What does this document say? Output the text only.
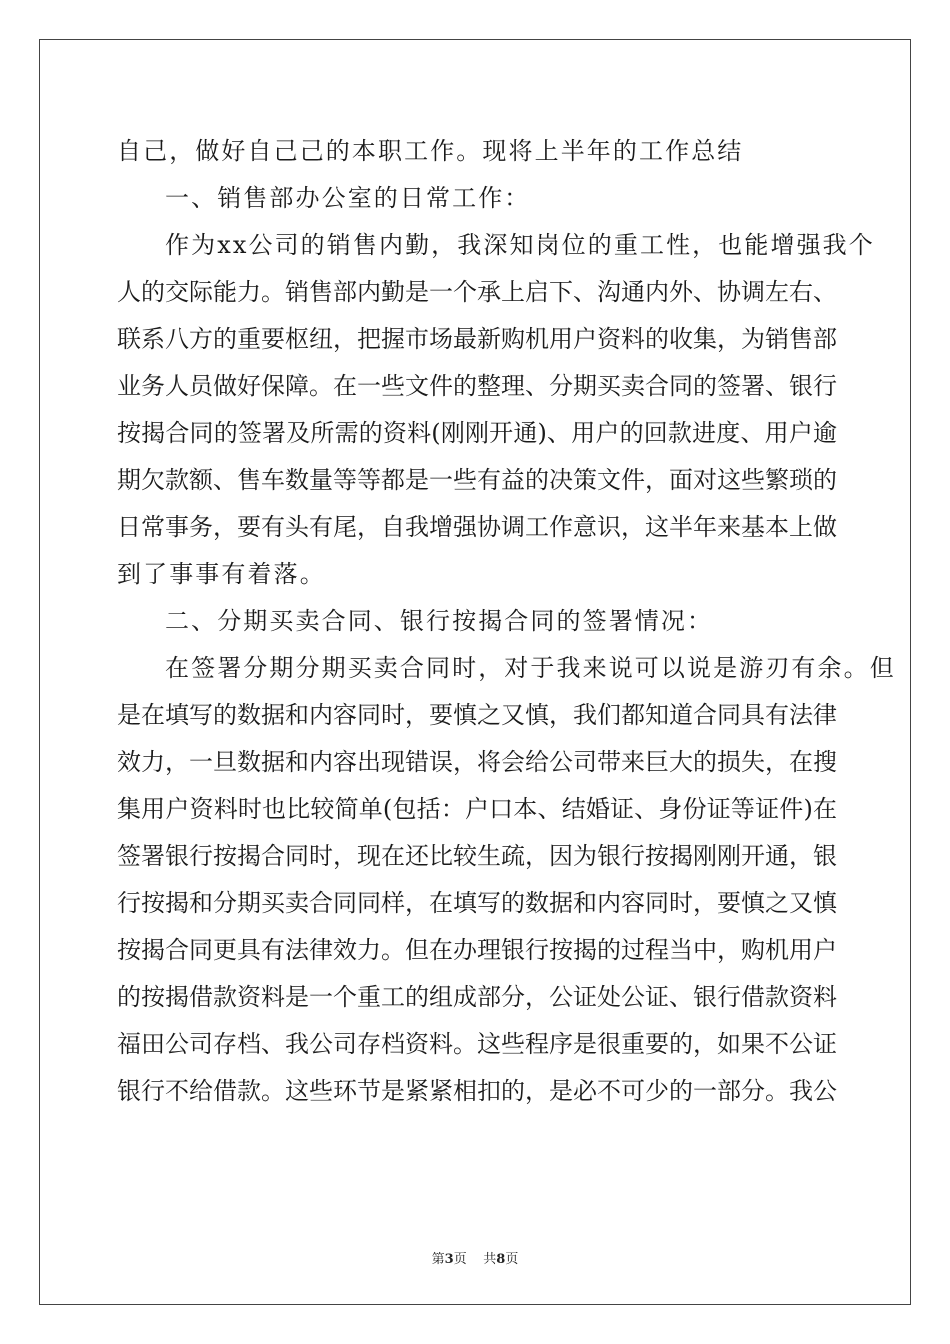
自己，做好自己己的本职工作。现将上半年的工作总结
一、销售部办公室的日常工作：
作为xx公司的销售内勤，我深知岗位的重工性，也能增强我个
人的交际能力。销售部内勤是一个承上启下、沟通内外、协调左右、
联系八方的重要枢纽，把握市场最新购机用户资料的收集，为销售部
业务人员做好保障。在一些文件的整理、分期买卖合同的签署、银行
按揭合同的签署及所需的资料(刚刚开通)、用户的回款进度、用户逾
期欠款额、售车数量等等都是一些有益的决策文件，面对这些繁琐的
日常事务，要有头有尾，自我增强协调工作意识，这半年来基本上做
到了事事有着落。
二、分期买卖合同、银行按揭合同的签署情况：
在签署分期分期买卖合同时，对于我来说可以说是游刃有余。但
是在填写的数据和内容同时，要慎之又慎，我们都知道合同具有法律
效力，一旦数据和内容出现错误，将会给公司带来巨大的损失，在搜
集用户资料时也比较简单(包括：户口本、结婚证、身份证等证件)在
签署银行按揭合同时，现在还比较生疏，因为银行按揭刚刚开通，银
行按揭和分期买卖合同同样，在填写的数据和内容同时，要慎之又慎
按揭合同更具有法律效力。但在办理银行按揭的过程当中，购机用户
的按揭借款资料是一个重工的组成部分，公证处公证、银行借款资料
福田公司存档、我公司存档资料。这些程序是很重要的，如果不公证
银行不给借款。这些环节是紧紧相扣的，是必不可少的一部分。我公
第3页 共8页
